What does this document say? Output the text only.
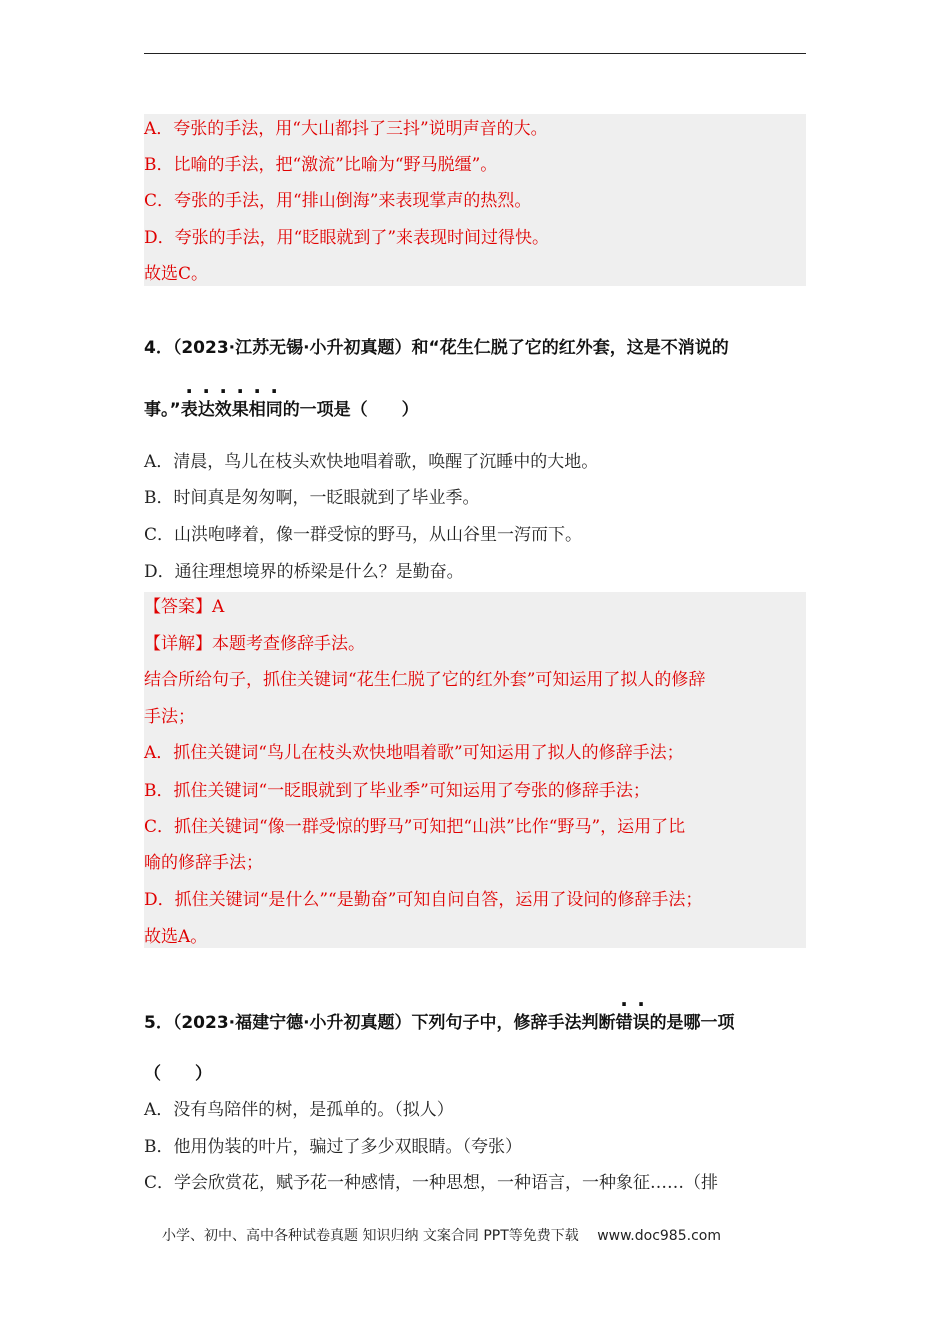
A．夸张的手法，用“大山都抖了三抖”说明声音的大。
B．比喻的手法，把“激流”比喻为“野马脱缰”。
C．夸张的手法，用“排山倒海”来表现掌声的热烈。
D．夸张的手法，用“眨眼就到了”来表现时间过得快。
故选C。
4．（2023·江苏无锡·小升初真题）和“花生仁脱了它的红外套，这是不消说的
事。”表达效果相同的一项是（　　）
A．清晨，鸟儿在枝头欢快地唱着歌，唤醒了沉睡中的大地。
B．时间真是匆匆啊，一眨眼就到了毕业季。
C．山洪咆哮着，像一群受惊的野马，从山谷里一泻而下。
D．通往理想境界的桥梁是什么？是勤奋。
【答案】A
【详解】本题考查修辞手法。
结合所给句子，抓住关键词“花生仁脱了它的红外套”可知运用了拟人的修辞
手法；
A．抓住关键词“鸟儿在枝头欢快地唱着歌”可知运用了拟人的修辞手法；
B．抓住关键词“一眨眼就到了毕业季”可知运用了夸张的修辞手法；
C．抓住关键词“像一群受惊的野马”可知把“山洪”比作“野马”，运用了比
喻的修辞手法；
D．抓住关键词“是什么”“是勤奋”可知自问自答，运用了设问的修辞手法；
故选A。
5．（2023·福建宁德·小升初真题）下列句子中，修辞手法判断错误的是哪一项
（　　）
A．没有鸟陪伴的树，是孤单的。（拟人）
B．他用伪装的叶片，骗过了多少双眼睛。（夸张）
C．学会欣赏花，赋予花一种感情，一种思想，一种语言，一种象征……（排
小学、初中、高中各种试卷真题 知识归纳 文案合同 PPT等免费下载　 www.doc985.com
